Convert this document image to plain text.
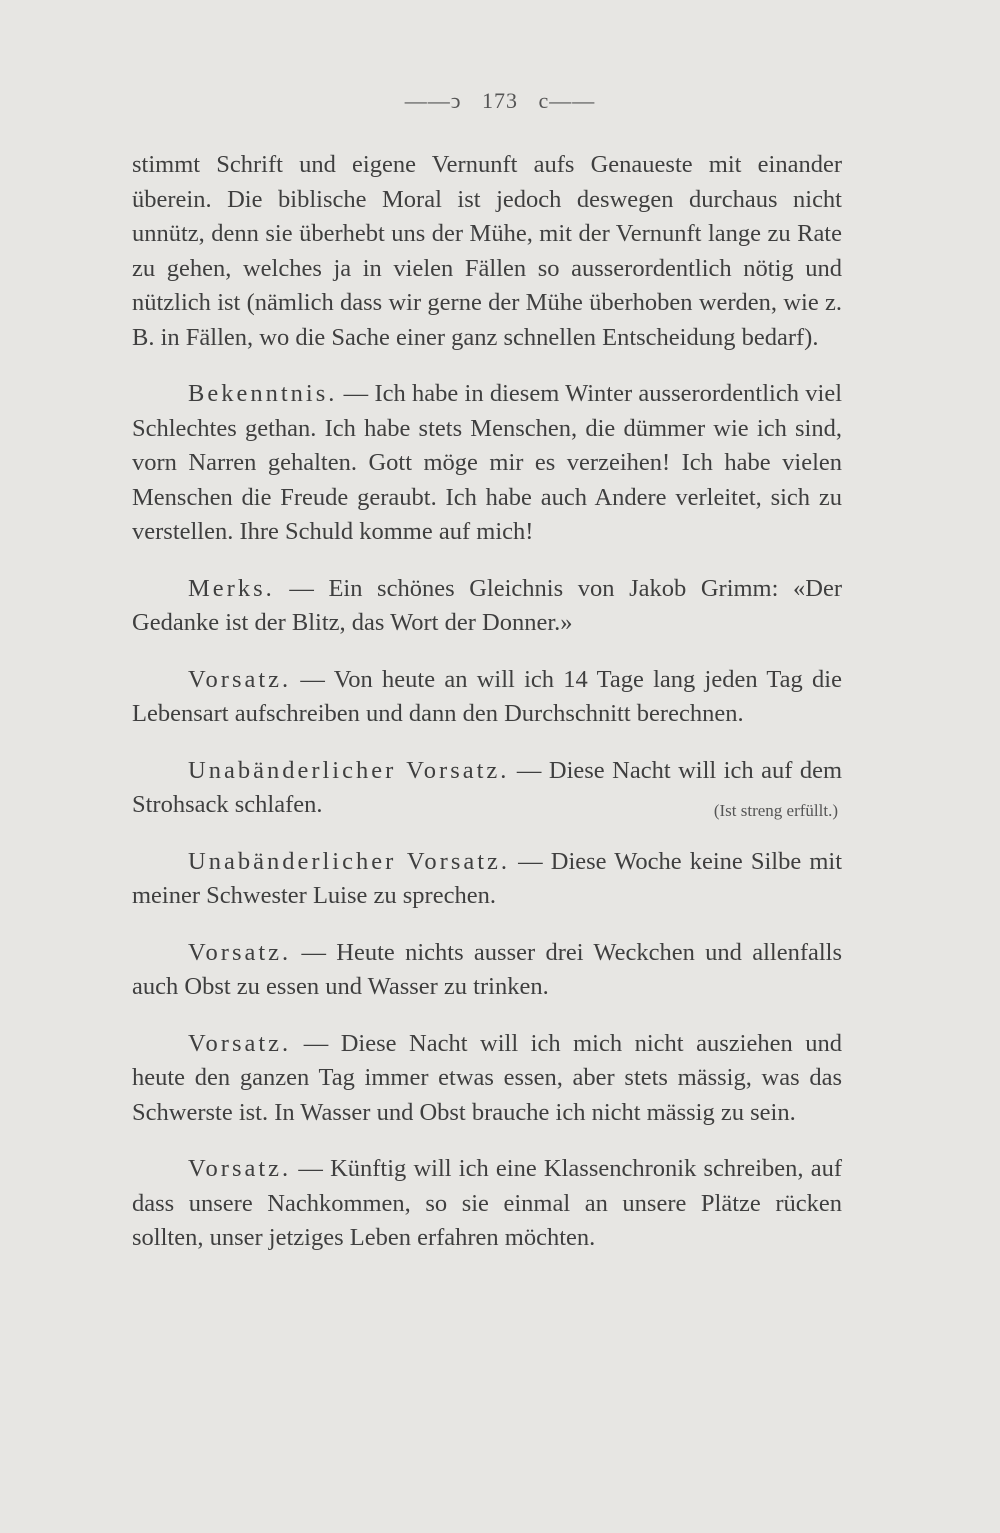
——ↄ 173 c——

stimmt Schrift und eigene Vernunft aufs Genaueste mit einander überein. Die biblische Moral ist jedoch deswegen durchaus nicht unnütz, denn sie überhebt uns der Mühe, mit der Vernunft lange zu Rate zu gehen, welches ja in vielen Fällen so ausserordentlich nötig und nützlich ist (nämlich dass wir gerne der Mühe überhoben werden, wie z. B. in Fällen, wo die Sache einer ganz schnellen Entscheidung bedarf).

Bekenntnis. — Ich habe in diesem Winter ausserordentlich viel Schlechtes gethan. Ich habe stets Menschen, die dümmer wie ich sind, vorn Narren gehalten. Gott möge mir es verzeihen! Ich habe vielen Menschen die Freude geraubt. Ich habe auch Andere verleitet, sich zu verstellen. Ihre Schuld komme auf mich!

Merks. — Ein schönes Gleichnis von Jakob Grimm: «Der Gedanke ist der Blitz, das Wort der Donner.»

Vorsatz. — Von heute an will ich 14 Tage lang jeden Tag die Lebensart aufschreiben und dann den Durchschnitt berechnen.

Unabänderlicher Vorsatz. — Diese Nacht will ich auf dem Strohsack schlafen.	(Ist streng erfüllt.)

Unabänderlicher Vorsatz. — Diese Woche keine Silbe mit meiner Schwester Luise zu sprechen.

Vorsatz. — Heute nichts ausser drei Weckchen und allenfalls auch Obst zu essen und Wasser zu trinken.

Vorsatz. — Diese Nacht will ich mich nicht ausziehen und heute den ganzen Tag immer etwas essen, aber stets mässig, was das Schwerste ist. In Wasser und Obst brauche ich nicht mässig zu sein.

Vorsatz. — Künftig will ich eine Klassenchronik schreiben, auf dass unsere Nachkommen, so sie einmal an unsere Plätze rücken sollten, unser jetziges Leben erfahren möchten.
